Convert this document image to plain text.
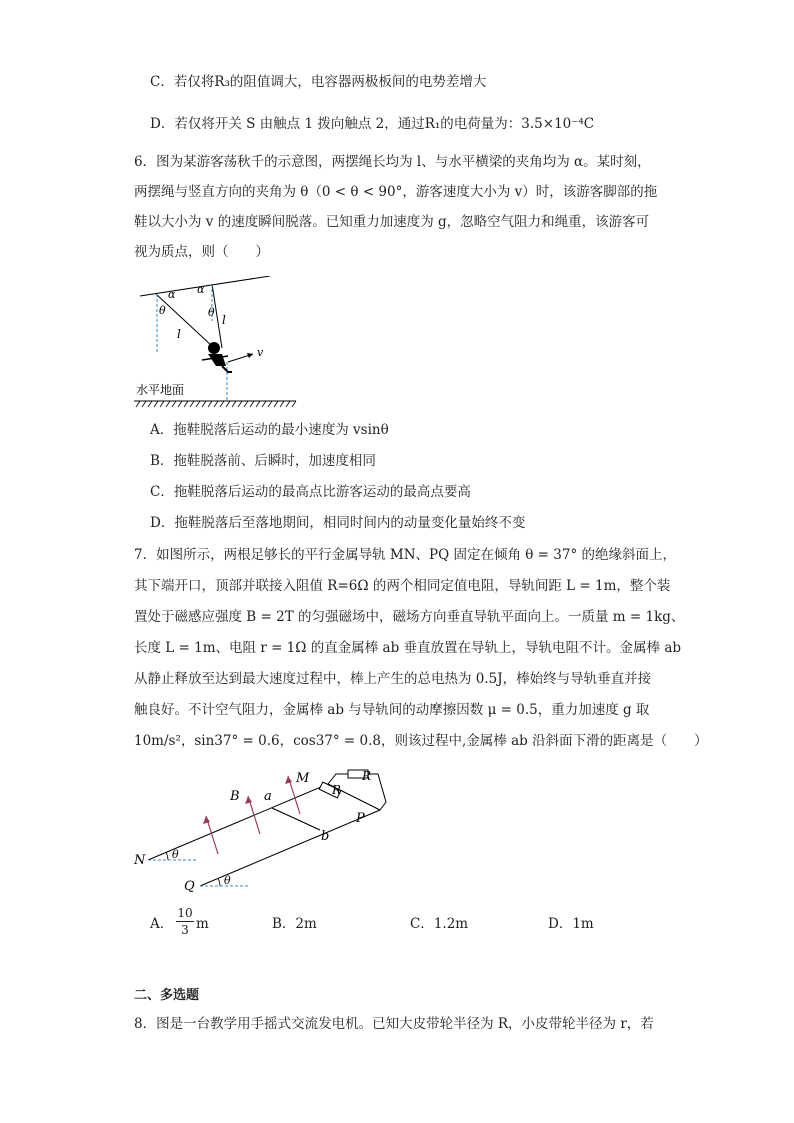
C．若仅将R₃的阻值调大，电容器两极板间的电势差增大
D．若仅将开关 S 由触点 1 拨向触点 2，通过R₁的电荷量为：3.5×10⁻⁴C
6．图为某游客荡秋千的示意图，两摆绳长均为 l、与水平横梁的夹角均为 α。某时刻，
两摆绳与竖直方向的夹角为 θ（0 < θ < 90°，游客速度大小为 v）时，该游客脚部的拖
鞋以大小为 v 的速度瞬间脱落。已知重力加速度为 g，忽略空气阻力和绳重，该游客可
视为质点，则（　　）
α α
θ	θ
l
l
v
水平地面
A．拖鞋脱落后运动的最小速度为 vsinθ
B．拖鞋脱落前、后瞬时，加速度相同
C．拖鞋脱落后运动的最高点比游客运动的最高点要高
D．拖鞋脱落后至落地期间，相同时间内的动量变化量始终不变
7．如图所示，两根足够长的平行金属导轨 MN、PQ 固定在倾角 θ = 37° 的绝缘斜面上，
其下端开口，顶部并联接入阻值 R=6Ω 的两个相同定值电阻，导轨间距 L = 1m，整个装
置处于磁感应强度 B = 2T 的匀强磁场中，磁场方向垂直导轨平面向上。一质量 m = 1kg、
长度 L = 1m、电阻 r = 1Ω 的直金属棒 ab 垂直放置在导轨上，导轨电阻不计。金属棒 ab
从静止释放至达到最大速度过程中，棒上产生的总电热为 0.5J，棒始终与导轨垂直并接
触良好。不计空气阻力，金属棒 ab 与导轨间的动摩擦因数 μ = 0.5，重力加速度 g 取
10m/s²，sin37° = 0.6，cos37° = 0.8，则该过程中,金属棒 ab 沿斜面下滑的距离是（　　）
B a
M	R
R
P
b
N
Q
θ
θ
A．
10
3 m	B．2m	C．1.2m	D．1m
二、多选题
8．图是一台教学用手摇式交流发电机。已知大皮带轮半径为 R，小皮带轮半径为 r，若
